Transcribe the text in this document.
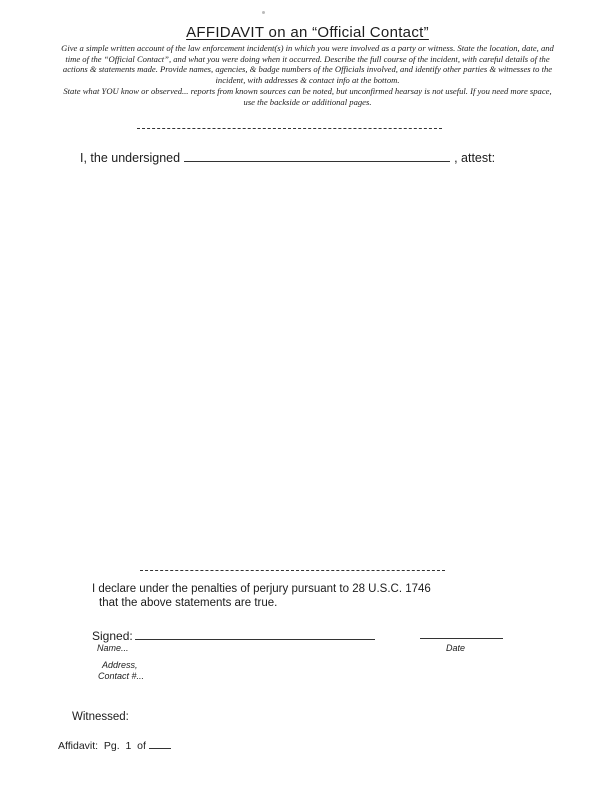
AFFIDAVIT on an “Official Contact”

Give a simple written account of the law enforcement incident(s) in which you were involved as a party or witness. State the location, date, and time of the “Official Contact”, and what you were doing when it occurred. Describe the full course of the incident, with careful details of the actions & statements made. Provide names, agencies, & badge numbers of the Officials involved, and identify other parties & witnesses to the incident, with addresses & contact info at the bottom.

State what YOU know or observed... reports from known sources can be noted, but unconfirmed hearsay is not useful. If you need more space, use the backside or additional pages.

I, the undersigned	, attest:
I declare under the penalties of perjury pursuant to 28 U.S.C. 1746
that the above statements are true.
Signed:
Name...	Date
Address,
Contact #...
Witnessed:
Affidavit:  Pg.  1  of
